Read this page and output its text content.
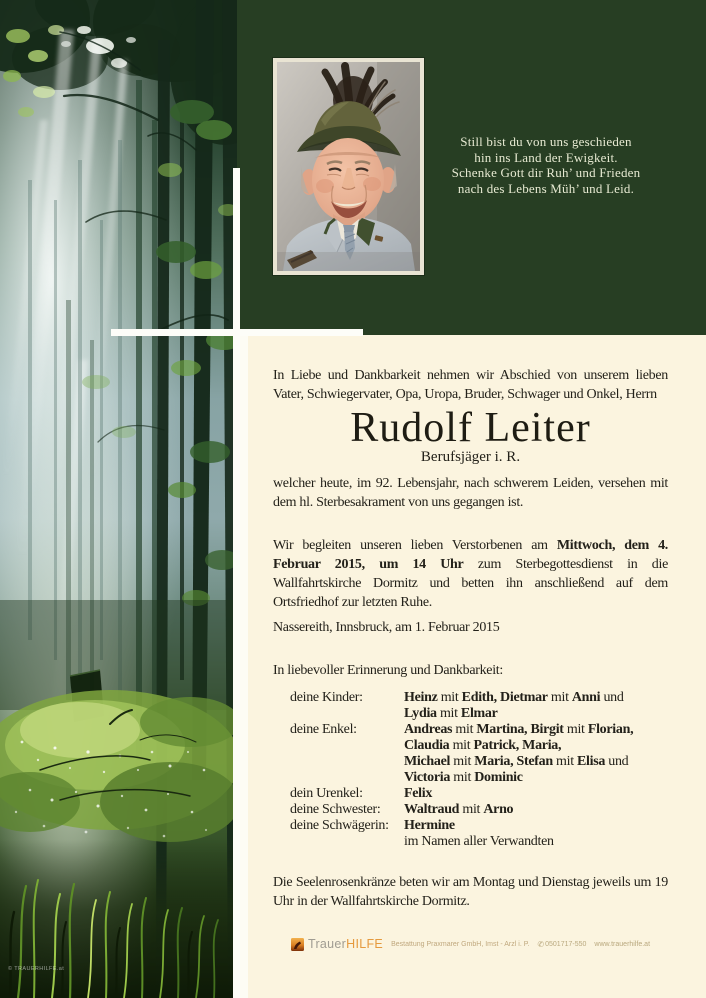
© TRAUERHILFE.at
Still bist du von uns geschieden
hin ins Land der Ewigkeit.
Schenke Gott dir Ruh’ und Frieden
nach des Lebens Müh’ und Leid.

In Liebe und Dankbarkeit nehmen wir Abschied von unserem lieben Vater, Schwiegervater, Opa, Uropa, Bruder, Schwager und Onkel, Herrn

Rudolf Leiter
Berufsjäger i. R.

welcher heute, im 92. Lebensjahr, nach schwerem Leiden, versehen mit dem hl. Sterbesakrament von uns gegangen ist.

Wir begleiten unseren lieben Verstorbenen am Mittwoch, dem 4. Februar 2015, um 14 Uhr zum Sterbegottesdienst in die Wallfahrtskirche Dormitz und betten ihn anschließend auf dem Ortsfriedhof zur letzten Ruhe.

Nassereith, Innsbruck, am 1. Februar 2015

In liebevoller Erinnerung und Dankbarkeit:

deine Kinder:	Heinz mit Edith, Dietmar mit Anni und
Lydia mit Elmar
deine Enkel:	Andreas mit Martina, Birgit mit Florian,
Claudia mit Patrick, Maria,
Michael mit Maria, Stefan mit Elisa und
Victoria mit Dominic
dein Urenkel:	Felix
deine Schwester:	Waltraud mit Arno
deine Schwägerin:	Hermine
im Namen aller Verwandten

Die Seelenrosenkränze beten wir am Montag und Dienstag jeweils um 19 Uhr in der Wallfahrtskirche Dormitz.

Trauer HILFE Bestattung Praxmarer GmbH, Imst - Arzl i. P. ✆ 0501717-550 www.trauerhilfe.at
